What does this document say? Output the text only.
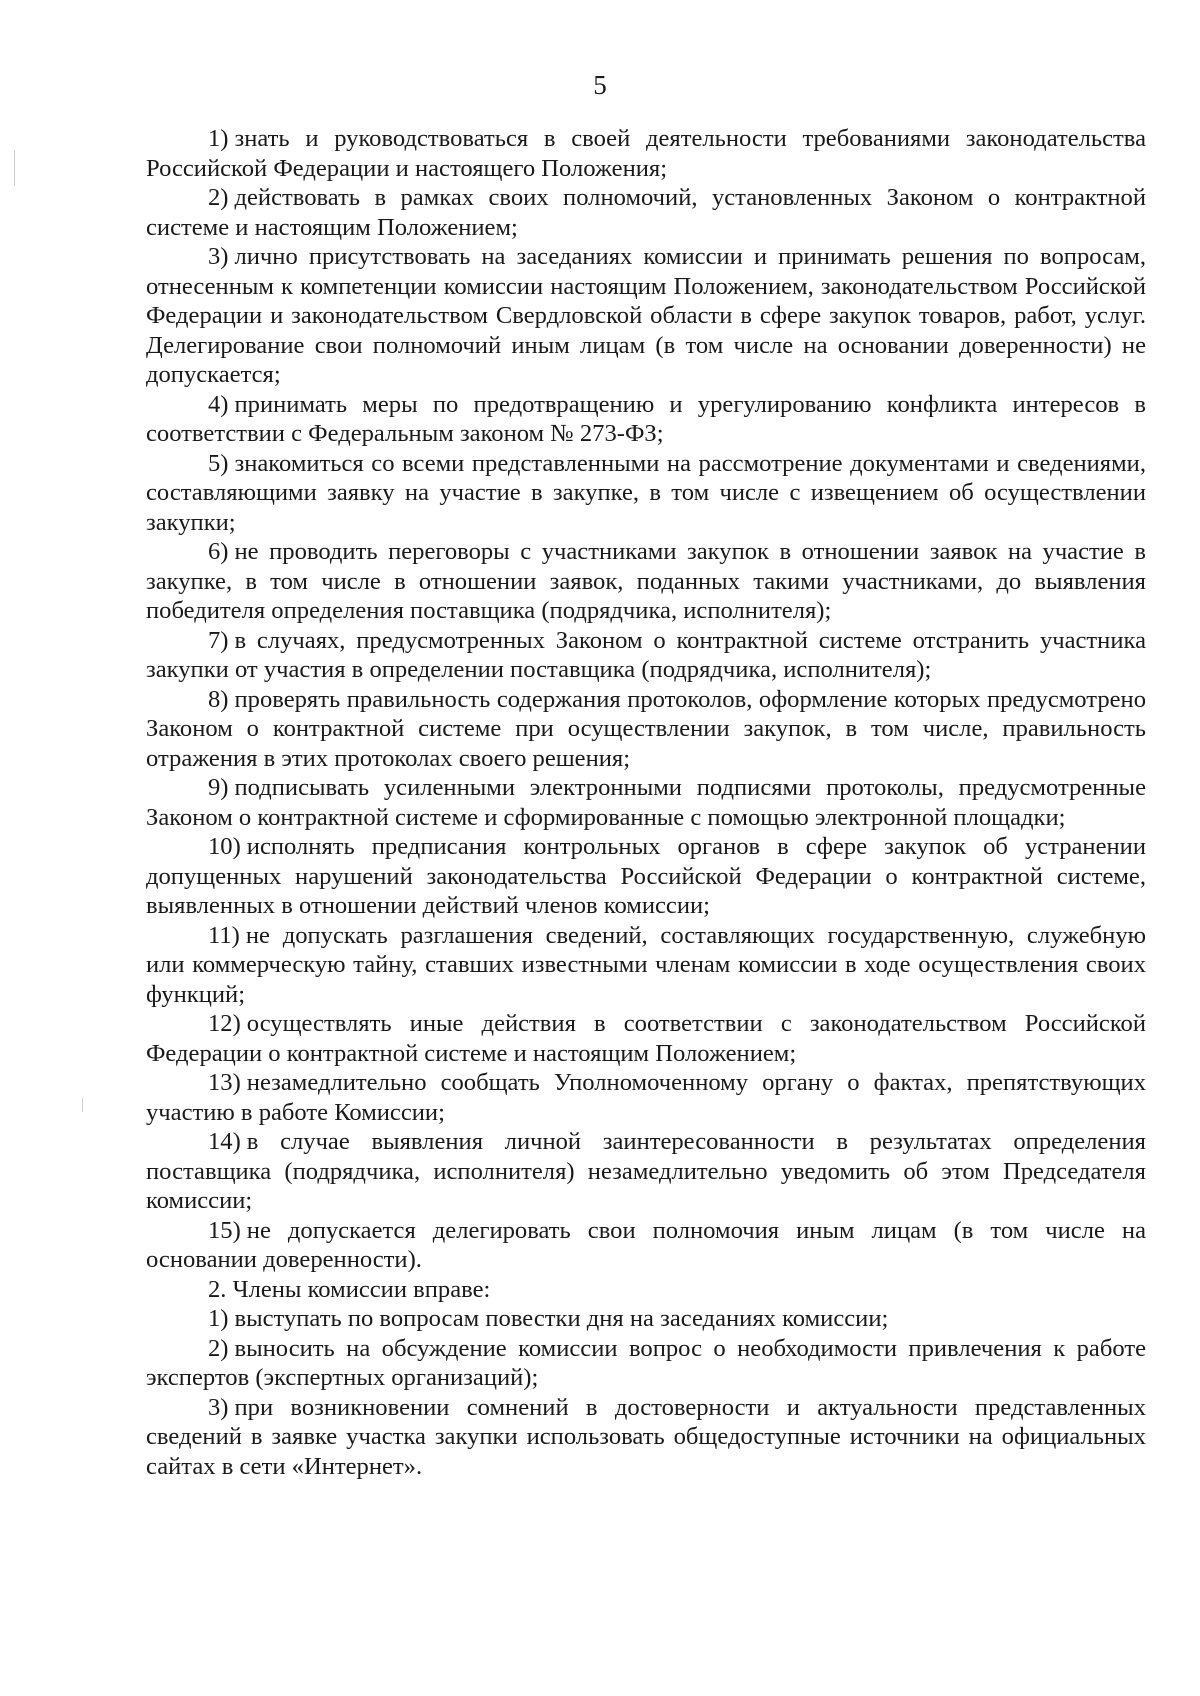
5

1) знать и руководствоваться в своей деятельности требованиями законодательства Российской Федерации и настоящего Положения;

2) действовать в рамках своих полномочий, установленных Законом о контрактной системе и настоящим Положением;

3) лично присутствовать на заседаниях комиссии и принимать решения по вопросам, отнесенным к компетенции комиссии настоящим Положением, законодательством Российской Федерации и законодательством Свердловской области в сфере закупок товаров, работ, услуг. Делегирование свои полномочий иным лицам (в том числе на основании доверенности) не допускается;

4) принимать меры по предотвращению и урегулированию конфликта интересов в соответствии с Федеральным законом № 273-ФЗ;

5) знакомиться со всеми представленными на рассмотрение документами и сведениями, составляющими заявку на участие в закупке, в том числе с извещением об осуществлении закупки;

6) не проводить переговоры с участниками закупок в отношении заявок на участие в закупке, в том числе в отношении заявок, поданных такими участниками, до выявления победителя определения поставщика (подрядчика, исполнителя);

7) в случаях, предусмотренных Законом о контрактной системе отстранить участника закупки от участия в определении поставщика (подрядчика, исполнителя);

8) проверять правильность содержания протоколов, оформление которых предусмотрено Законом о контрактной системе при осуществлении закупок, в том числе, правильность отражения в этих протоколах своего решения;

9) подписывать усиленными электронными подписями протоколы, предусмотренные Законом о контрактной системе и сформированные с помощью электронной площадки;

10) исполнять предписания контрольных органов в сфере закупок об устранении допущенных нарушений законодательства Российской Федерации о контрактной системе, выявленных в отношении действий членов комиссии;

11) не допускать разглашения сведений, составляющих государственную, служебную или коммерческую тайну, ставших известными членам комиссии в ходе осуществления своих функций;

12) осуществлять иные действия в соответствии с законодательством Российской Федерации о контрактной системе и настоящим Положением;

13) незамедлительно сообщать Уполномоченному органу о фактах, препятствующих участию в работе Комиссии;

14) в случае выявления личной заинтересованности в результатах определения поставщика (подрядчика, исполнителя) незамедлительно уведомить об этом Председателя комиссии;

15) не допускается делегировать свои полномочия иным лицам (в том числе на основании доверенности).

2. Члены комиссии вправе:

1) выступать по вопросам повестки дня на заседаниях комиссии;

2) выносить на обсуждение комиссии вопрос о необходимости привлечения к работе экспертов (экспертных организаций);

3) при возникновении сомнений в достоверности и актуальности представленных сведений в заявке участка закупки использовать общедоступные источники на официальных сайтах в сети «Интернет».
